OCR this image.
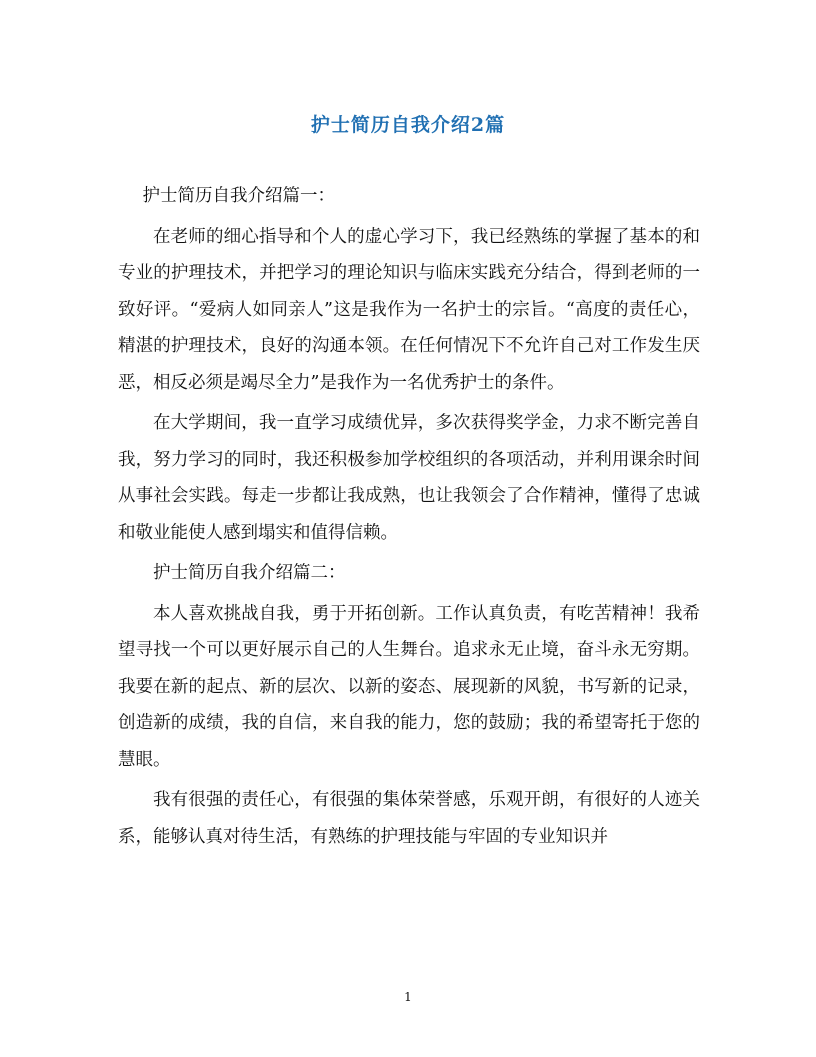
护士简历自我介绍2篇

护士简历自我介绍篇一：

在老师的细心指导和个人的虚心学习下，我已经熟练的掌握了基本的和专业的护理技术，并把学习的理论知识与临床实践充分结合，得到老师的一致好评。“爱病人如同亲人”这是我作为一名护士的宗旨。“高度的责任心，精湛的护理技术，良好的沟通本领。在任何情况下不允许自己对工作发生厌恶，相反必须是竭尽全力”是我作为一名优秀护士的条件。

在大学期间，我一直学习成绩优异，多次获得奖学金，力求不断完善自我，努力学习的同时，我还积极参加学校组织的各项活动，并利用课余时间从事社会实践。每走一步都让我成熟，也让我领会了合作精神，懂得了忠诚和敬业能使人感到塌实和值得信赖。

护士简历自我介绍篇二：

本人喜欢挑战自我，勇于开拓创新。工作认真负责，有吃苦精神！我希望寻找一个可以更好展示自己的人生舞台。追求永无止境，奋斗永无穷期。我要在新的起点、新的层次、以新的姿态、展现新的风貌，书写新的记录，创造新的成绩，我的自信，来自我的能力，您的鼓励；我的希望寄托于您的慧眼。

我有很强的责任心，有很强的集体荣誉感，乐观开朗，有很好的人迹关系，能够认真对待生活，有熟练的护理技能与牢固的专业知识并

1
